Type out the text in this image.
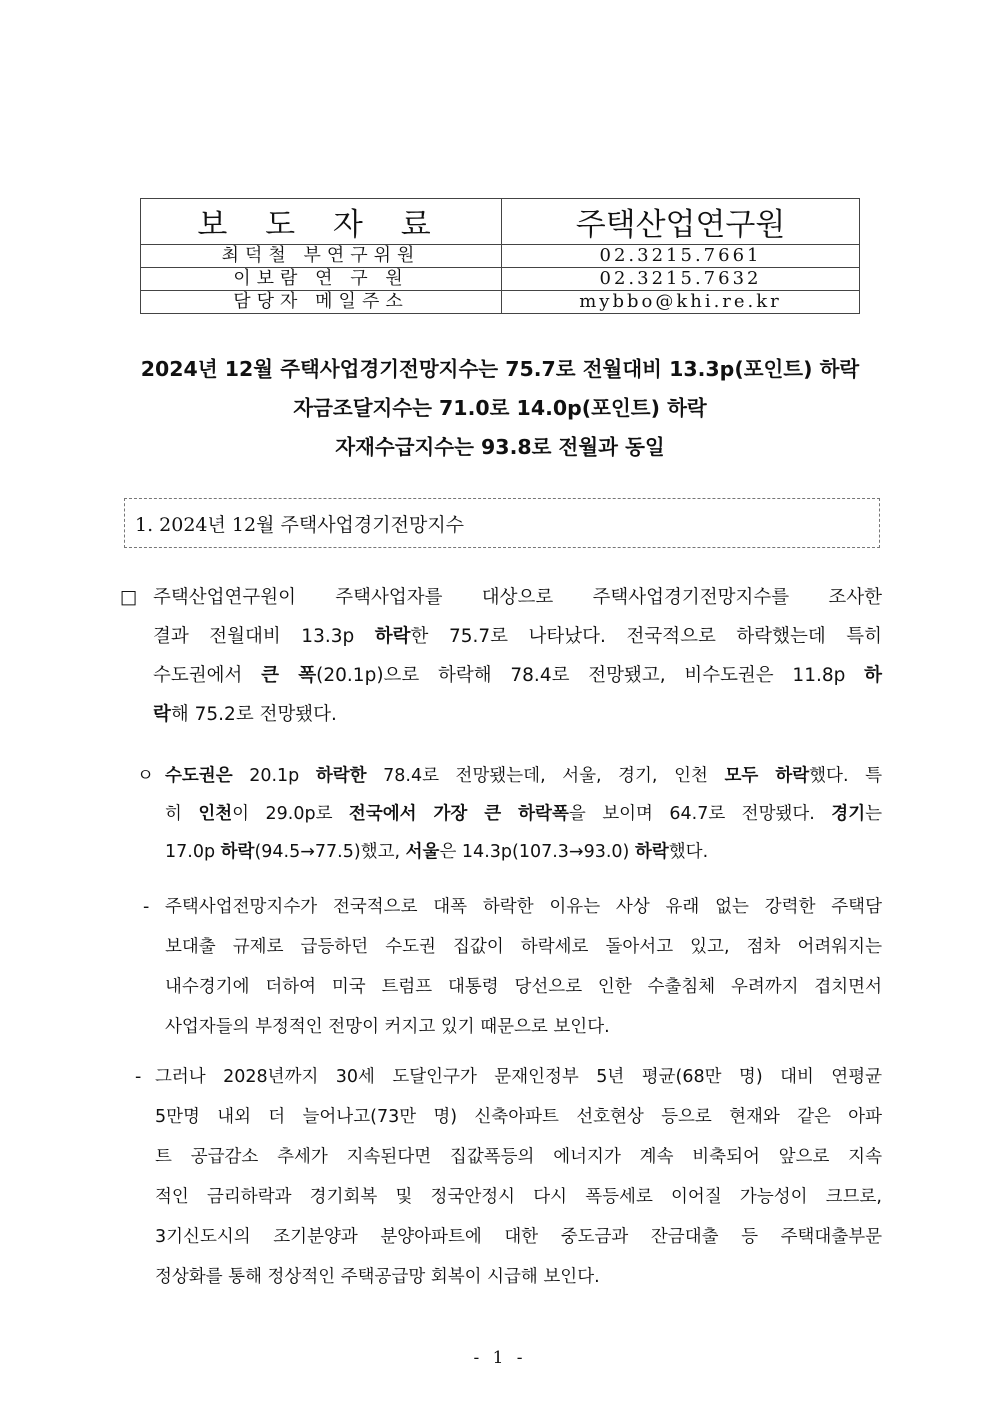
보 도 자 료	주택산업연구원
최덕철 부연구위원	02.3215.7661
이보람 연 구 원	02.3215.7632
담당자 메일주소	mybbo@khi.re.kr
2024년 12월 주택사업경기전망지수는 75.7로 전월대비 13.3p(포인트) 하락
자금조달지수는 71.0로 14.0p(포인트) 하락
자재수급지수는 93.8로 전월과 동일
1. 2024년 12월 주택사업경기전망지수
□ 주택산업연구원이 주택사업자를 대상으로 주택사업경기전망지수를 조사한
결과 전월대비 13.3p 하락한 75.7로 나타났다. 전국적으로 하락했는데 특히
수도권에서 큰 폭(20.1p)으로 하락해 78.4로 전망됐고, 비수도권은 11.8p 하
락해 75.2로 전망됐다.
ㅇ 수도권은 20.1p 하락한 78.4로 전망됐는데, 서울, 경기, 인천 모두 하락했다. 특
히 인천이 29.0p로 전국에서 가장 큰 하락폭을 보이며 64.7로 전망됐다. 경기는
17.0p 하락(94.5→77.5)했고, 서울은 14.3p(107.3→93.0) 하락했다.
- 주택사업전망지수가 전국적으로 대폭 하락한 이유는 사상 유래 없는 강력한 주택담
보대출 규제로 급등하던 수도권 집값이 하락세로 돌아서고 있고, 점차 어려워지는
내수경기에 더하여 미국 트럼프 대통령 당선으로 인한 수출침체 우려까지 겹치면서
사업자들의 부정적인 전망이 커지고 있기 때문으로 보인다.
- 그러나 2028년까지 30세 도달인구가 문재인정부 5년 평균(68만 명) 대비 연평균
5만명 내외 더 늘어나고(73만 명) 신축아파트 선호현상 등으로 현재와 같은 아파
트 공급감소 추세가 지속된다면 집값폭등의 에너지가 계속 비축되어 앞으로 지속
적인 금리하락과 경기회복 및 정국안정시 다시 폭등세로 이어질 가능성이 크므로,
3기신도시의 조기분양과 분양아파트에 대한 중도금과 잔금대출 등 주택대출부문
정상화를 통해 정상적인 주택공급망 회복이 시급해 보인다.
- 1 -
